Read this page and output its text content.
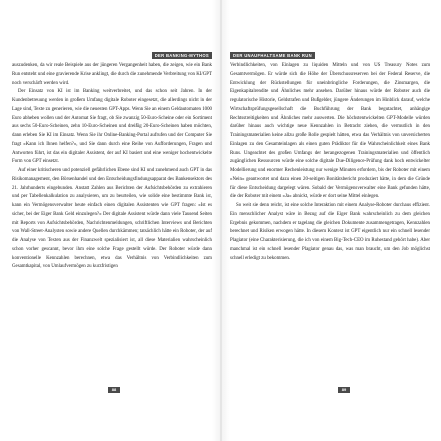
DER BANKING-MYTHOS

auszudenken, da wir reale Beispiele aus der jüngeren Vergangenheit haben, die zeigen, wie ein Bank Run entsteht und eine gravierende Krise anklingt, die durch die zunehmende Verbreitung von KI/GPT noch verschärft werden wird.

Der Einsatz von KI ist im Banking weitverbreitet, und das schon seit Jahren. In der Kundenbetreuung werden in großem Umfang digitale Roboter eingesetzt, die allerdings nicht in der Lage sind, Texte zu generieren, wie die neuesten GPT-Apps. Wenn Sie an einem Geldautomaten 1000 Euro abheben wollen und der Automat Sie fragt, ob Sie zwanzig 50-Euro-Scheine oder ein Sortiment aus sechs 50-Euro-Scheinen, zehn 10-Euro-Scheinen und dreißig 20-Euro-Scheinen haben möchten, dann erleben Sie KI im Einsatz. Wenn Sie ihr Online-Banking-Portal aufrufen und der Computer Sie fragt »Kann ich Ihnen helfen?«, und Sie dann durch eine Reihe von Aufforderungen, Fragen und Antworten führt, ist das ein digitaler Assistent, der auf KI basiert und eine weniger hochentwickelte Form von GPT einsetzt.

Auf einer kritischeren und potenziell gefährlichen Ebene sind KI und zunehmend auch GPT in das Risikomanagement, den Börsenhandel und den Entscheidungsfindungsapparat des Bankensektors des 21. Jahrhunderts eingebunden. Anstatt Zahlen aus Berichten der Aufsichtsbehörden zu extrahieren und per Tabellenkalkulation zu analysieren, um zu beurteilen, wie solide eine bestimmte Bank ist, kann ein Vermögensverwalter heute einfach einen digitalen Assistenten wie GPT fragen: »Ist es sicher, bei der Eiger Bank Geld einzulegen?« Der digitale Assistent würde dann viele Tausend Seiten mit Reports von Aufsichtsbehörden, Nachrichtenmeldungen, schriftlichen Interviews und Berichten von Wall-Street-Analysten sowie andere Quellen durchkämmen; tatsächlich hätte ein Roboter, der auf die Analyse von Texten aus der Finanzwelt spezialisiert ist, all diese Materialien wahrscheinlich schon vorher gescannt, bevor ihm eine solche Frage gestellt würde. Der Roboter würde dann konventionelle Kennzahlen berechnen, etwa das Verhältnis von Verbindlichkeiten zum Gesamtkapital, von Umlaufvermögen zu kurzfristigen

88
DER UNAUFHALTSAME BANK RUN

Verbindlichkeiten, von Einlagen zu liquiden Mitteln und von US Treasury Notes zum Gesamtvermögen. Er würde sich die Höhe der Überschussreserven bei der Federal Reserve, die Entwicklung der Rückstellungen für uneinbringliche Forderungen, die Zinsmargen, die Eigenkapitalrendite und Ähnliches mehr ansehen. Darüber hinaus würde der Roboter auch die regulatorische Historie, Geldstrafen und Bußgelder, jüngere Änderungen im Hinblick darauf, welche Wirtschaftsprüfungsgesellschaft die Buchführung der Bank begutachtet, anhängige Rechtsstreitigkeiten und Ähnliches mehr auswerten. Die höchstentwickelten GPT-Modelle würden darüber hinaus auch wichtige neue Kennzahlen in Betracht ziehen, die vermutlich in den Trainingsmaterialien keine allzu große Rolle gespielt hätten, etwa das Verhältnis von unversicherten Einlagen zu den Gesamteinlagen als einen guten Prädiktor für die Wahrscheinlichkeit eines Bank Runs. Ungeachtet des großen Umfangs der herangezogenen Trainingsmaterialien und öffentlich zugänglichen Ressourcen würde eine solche digitale Due-Diligence-Prüfung dank hoch entwickelter Modellierung und enormer Rechenleistung nur wenige Minuten erfordern, bis der Roboter mit einem »Nein« geantwortet und dazu einen 20-seitigen Bonitätsbericht produziert hätte, in dem die Gründe für diese Entscheidung dargelegt wären. Sobald der Vermögensverwalter eine Bank gefunden hätte, die der Roboter mit einem »Ja« abnickt, würde er dort seine Mittel einlegen.

So weit sie denn reicht, ist eine solche Interaktion mit einem Analyse-Roboter durchaus effizient. Ein menschlicher Analyst wäre in Bezug auf die Eiger Bank wahrscheinlich zu dem gleichen Ergebnis gekommen, nachdem er tagelang die gleichen Dokumente zusammengetragen, Kennzahlen berechnet und Risiken erwogen hätte. In diesem Kontext ist GPT eigentlich nur ein schnell lesender Plagiator (eine Charakterisierung, die ich von einem Big-Tech-CEO im Ruhestand gehört habe). Aber manchmal ist ein schnell lesender Plagiator genau das, was man braucht, um den Job möglichst schnell erledigt zu bekommen.

89
